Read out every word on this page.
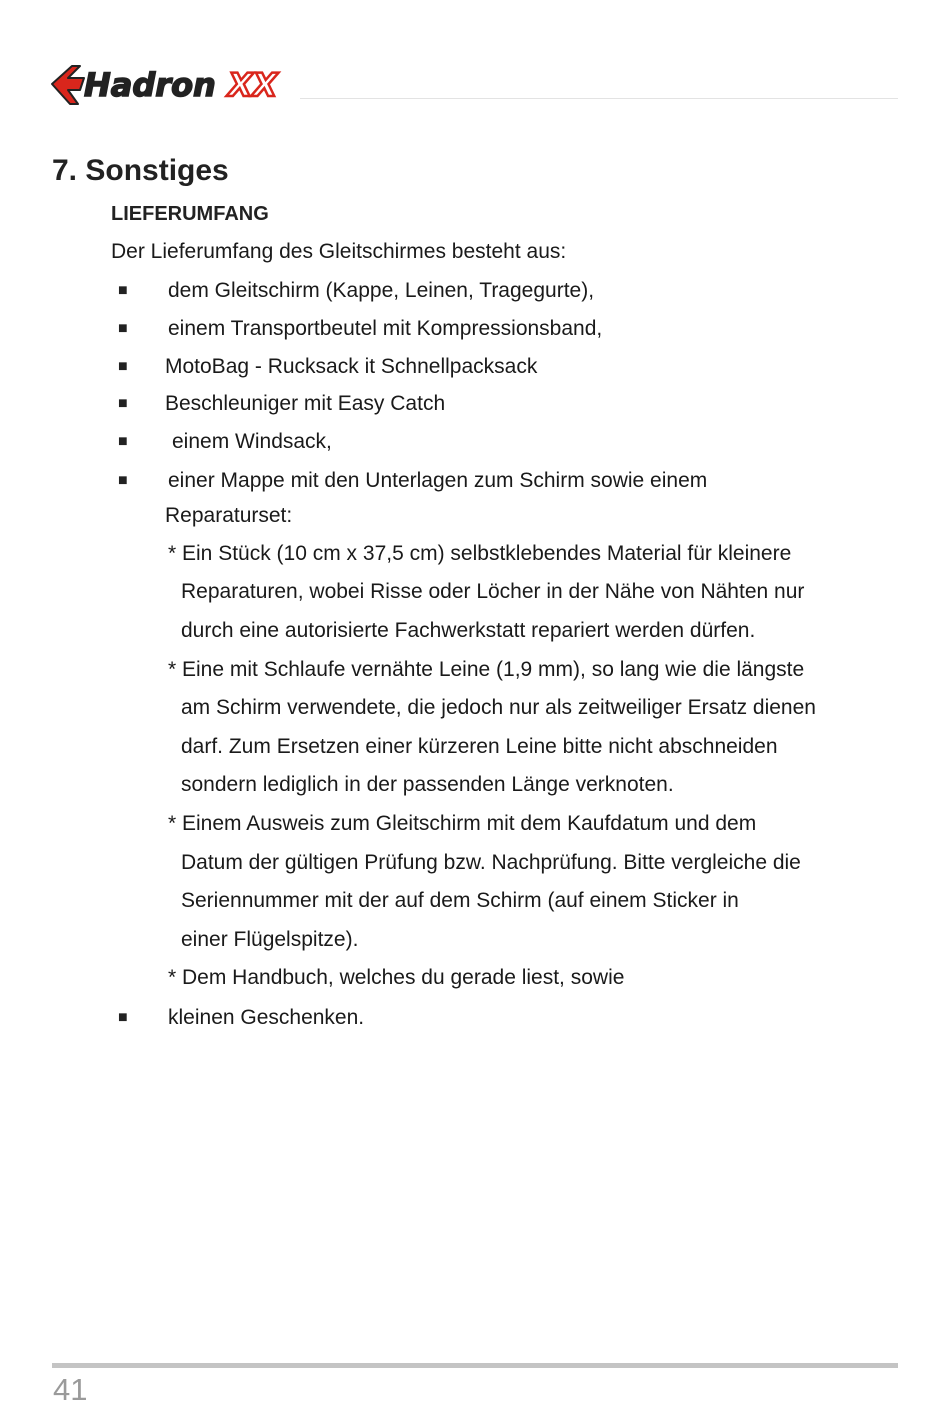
Hadron XX
7. Sonstiges
LIEFERUMFANG

Der Lieferumfang des Gleitschirmes besteht aus:

■ dem Gleitschirm (Kappe, Leinen, Tragegurte),
■ einem Transportbeutel mit Kompressionsband,
■ MotoBag - Rucksack it Schnellpacksack
■ Beschleuniger mit Easy Catch
■ einem Windsack,
■ einer Mappe mit den Unterlagen zum Schirm sowie einem
Reparaturset:
* Ein Stück (10 cm x 37,5 cm) selbstklebendes Material für kleinere
Reparaturen, wobei Risse oder Löcher in der Nähe von Nähten nur
durch eine autorisierte Fachwerkstatt repariert werden dürfen.
* Eine mit Schlaufe vernähte Leine (1,9 mm), so lang wie die längste
am Schirm verwendete, die jedoch nur als zeitweiliger Ersatz dienen
darf. Zum Ersetzen einer kürzeren Leine bitte nicht abschneiden
sondern lediglich in der passenden Länge verknoten.
* Einem Ausweis zum Gleitschirm mit dem Kaufdatum und dem
Datum der gültigen Prüfung bzw. Nachprüfung. Bitte vergleiche die
Seriennummer mit der auf dem Schirm (auf einem Sticker in
einer Flügelspitze).
* Dem Handbuch, welches du gerade liest, sowie
■ kleinen Geschenken.
41
